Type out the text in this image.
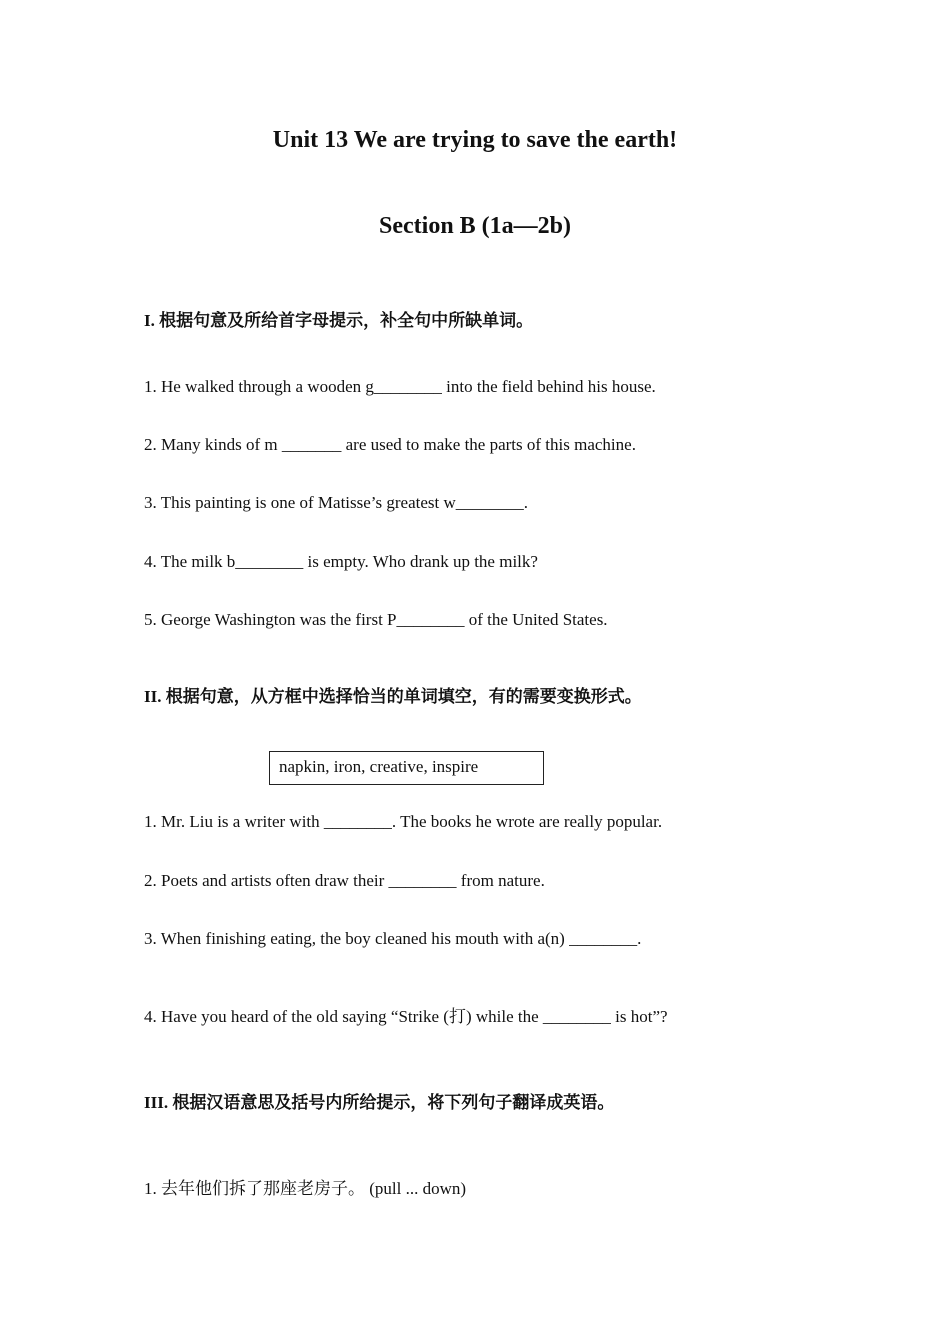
Unit 13 We are trying to save the earth!
Section B (1a—2b)
I. 根据句意及所给首字母提示，补全句中所缺单词。
1. He walked through a wooden g________ into the field behind his house.
2. Many kinds of m _______ are used to make the parts of this machine.
3. This painting is one of Matisse’s greatest w________.
4. The milk b________ is empty. Who drank up the milk?
5. George Washington was the first P________ of the United States.
II. 根据句意，从方框中选择恰当的单词填空，有的需要变换形式。
napkin, iron, creative, inspire
1. Mr. Liu is a writer with ________. The books he wrote are really popular.
2. Poets and artists often draw their ________ from nature.
3. When finishing eating, the boy cleaned his mouth with a(n) ________.
4. Have you heard of the old saying “Strike (打) while the ________ is hot”?
III. 根据汉语意思及括号内所给提示，将下列句子翻译成英语。
1. 去年他们拆了那座老房子。 (pull ... down)
